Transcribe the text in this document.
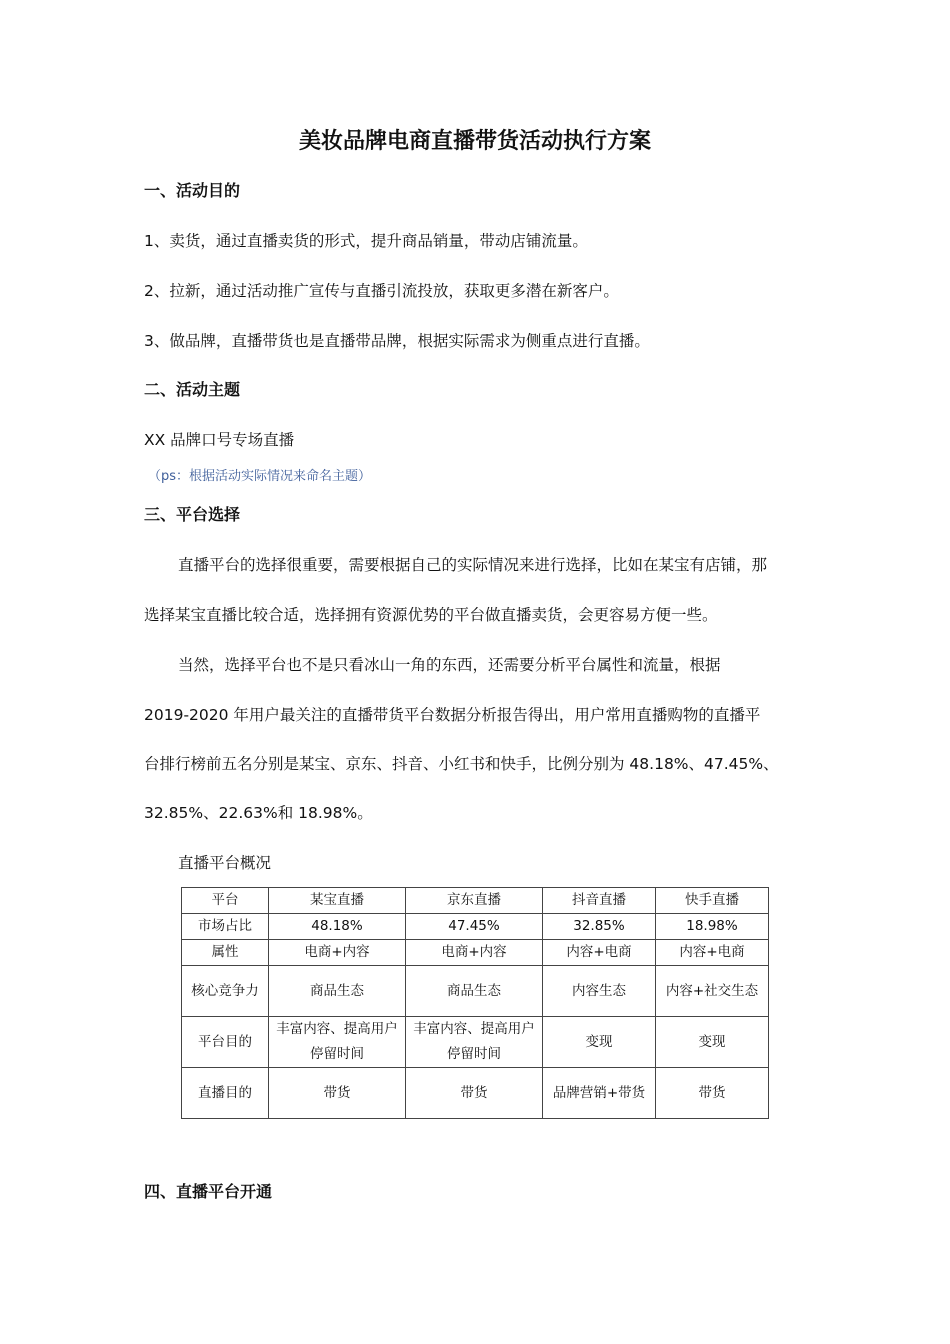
美妆品牌电商直播带货活动执行方案
一、活动目的
1、卖货，通过直播卖货的形式，提升商品销量，带动店铺流量。
2、拉新，通过活动推广宣传与直播引流投放，获取更多潜在新客户。
3、做品牌，直播带货也是直播带品牌，根据实际需求为侧重点进行直播。
二、活动主题
XX 品牌口号专场直播
（ps：根据活动实际情况来命名主题）
三、平台选择
直播平台的选择很重要，需要根据自己的实际情况来进行选择，比如在某宝有店铺，那
选择某宝直播比较合适，选择拥有资源优势的平台做直播卖货，会更容易方便一些。
当然，选择平台也不是只看冰山一角的东西，还需要分析平台属性和流量，根据
2019-2020 年用户最关注的直播带货平台数据分析报告得出，用户常用直播购物的直播平
台排行榜前五名分别是某宝、京东、抖音、小红书和快手，比例分别为 48.18%、47.45%、
32.85%、22.63%和 18.98%。
直播平台概况
平台	某宝直播	京东直播	抖音直播	快手直播
市场占比	48.18%	47.45%	32.85%	18.98%
属性	电商+内容	电商+内容	内容+电商	内容+电商
核心竞争力	商品生态	商品生态	内容生态	内容+社交生态
平台目的	丰富内容、提高用户停留时间	丰富内容、提高用户停留时间	变现	变现
直播目的	带货	带货	品牌营销+带货	带货
四、直播平台开通
